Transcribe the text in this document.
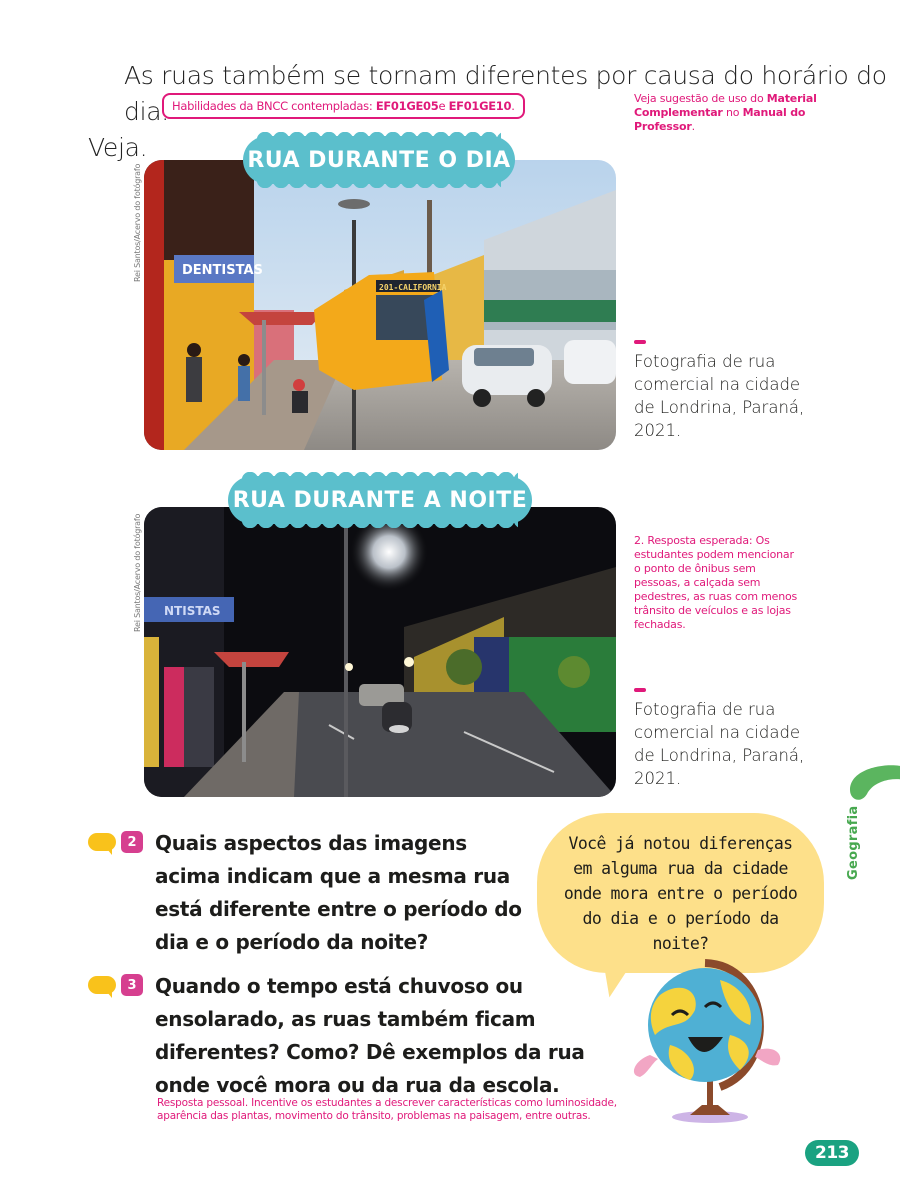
As ruas também se tornam diferentes por causa do horário do dia.
Veja.
Habilidades da BNCC contempladas:
EF01GE05 e
EF01GE10 .
Veja sugestão de uso do Material Complementar no Manual do Professor.
Rei Santos/Acervo do fotógrafo	DENTISTAS
201-CALIFORNIA
RUA DURANTE O DIA
Fotografia de rua comercial na cidade de Londrina, Paraná, 2021.
Rei Santos/Acervo do fotógrafo NTISTAS
RUA DURANTE A NOITE
2. Resposta esperada: Os estudantes podem mencionar o ponto de ônibus sem pessoas, a calçada sem pedestres, as ruas com menos trânsito de veículos e as lojas fechadas.
Fotografia de rua comercial na cidade de Londrina, Paraná, 2021.
2 Quais aspectos das imagens acima indicam que a mesma rua está diferente entre o período do dia e o período da noite?
3 Quando o tempo está chuvoso ou ensolarado, as ruas também ficam diferentes? Como? Dê exemplos da rua onde você mora ou da rua da escola.
Resposta pessoal. Incentive os estudantes a descrever características como luminosidade, aparência das plantas, movimento do trânsito, problemas na paisagem, entre outras.
Você já notou diferenças em alguma rua da cidade onde mora entre o período do dia e o período da noite?
Geografia
213
